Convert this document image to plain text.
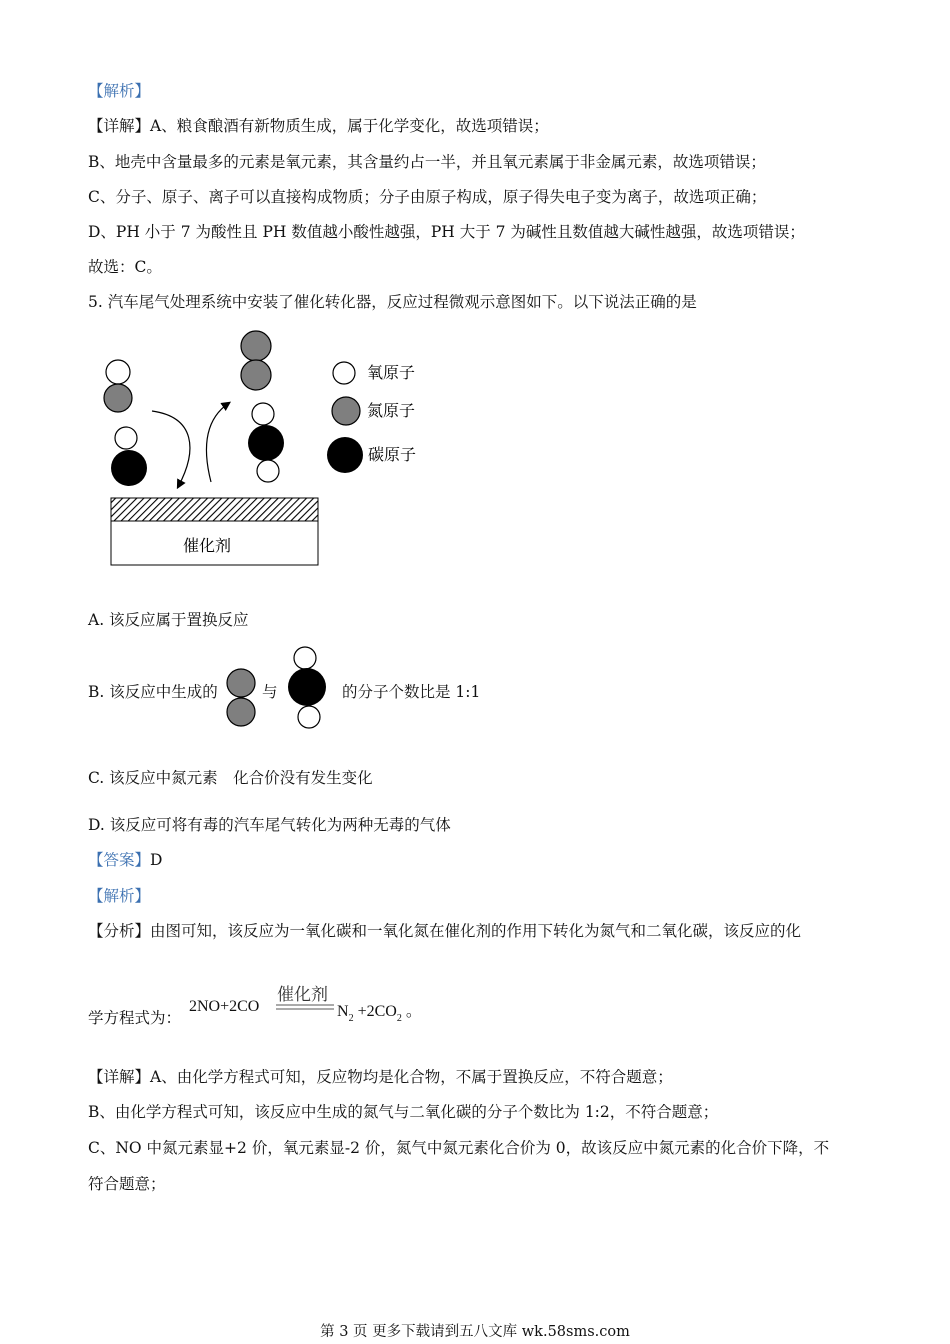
【解析】
【详解】A、粮食酿酒有新物质生成，属于化学变化，故选项错误；
B、地壳中含量最多的元素是氧元素，其含量约占一半，并且氧元素属于非金属元素，故选项错误；
C、分子、原子、离子可以直接构成物质；分子由原子构成，原子得失电子变为离子，故选项正确；
D、PH 小于 7 为酸性且 PH 数值越小酸性越强，PH 大于 7 为碱性且数值越大碱性越强，故选项错误；
故选：C。
5. 汽车尾气处理系统中安装了催化转化器，反应过程微观示意图如下。以下说法正确的是
催化剂
氧原子
氮原子
碳原子
A. 该反应属于置换反应
B. 该反应中生成的	与	的分子个数比是 1:1
C. 该反应中氮元素　化合价没有发生变化
D. 该反应可将有毒的汽车尾气转化为两种无毒的气体
【答案】D
【解析】
【分析】由图可知，该反应为一氧化碳和一氧化氮在催化剂的作用下转化为氮气和二氧化碳，该反应的化
学方程式为：
2NO+2CO
催化剂
$N_2 +2CO_2$ 。
【详解】A、由化学方程式可知，反应物均是化合物，不属于置换反应，不符合题意；
B、由化学方程式可知，该反应中生成的氮气与二氧化碳的分子个数比为 1:2，不符合题意；
C、NO 中氮元素显+2 价，氧元素显-2 价，氮气中氮元素化合价为 0，故该反应中氮元素的化合价下降，不
符合题意；
第 3 页 更多下载请到五八文库 wk.58sms.com
